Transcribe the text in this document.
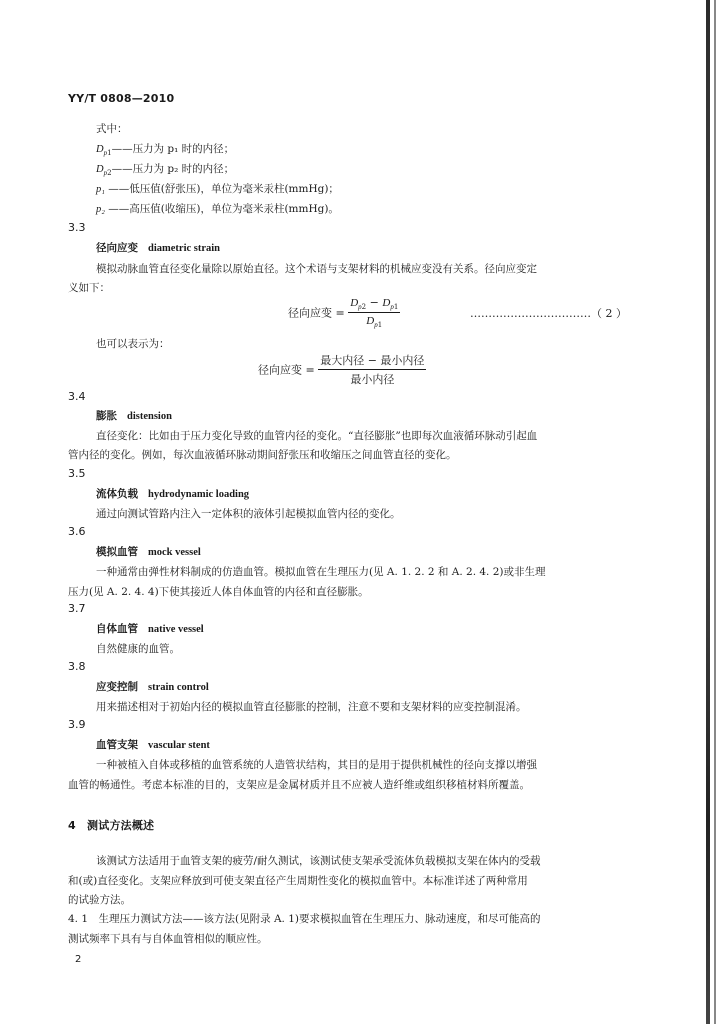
YY/T 0808—2010
式中：
$D_{p1}——$压力为 p₁ 时的内径；
$D_{p2}——$压力为 p₂ 时的内径；
p₁ ——低压值(舒张压)，单位为毫米汞柱(mmHg)；
p₂ ——高压值(收缩压)，单位为毫米汞柱(mmHg)。
3.3
径向应变 diametric strain
模拟动脉血管直径变化量除以原始直径。这个术语与支架材料的机械应变没有关系。径向应变定
义如下：
径向应变 = $\frac{D_{p2} - D_{p1}}{D_{p1}}$	……………………………（ 2 ）
也可以表示为：
径向应变 = $\frac{\text{最大内径 − 最小内径}}{\text{最小内径}}$
3.4
膨胀 distension
直径变化：比如由于压力变化导致的血管内径的变化。“直径膨胀”也即每次血液循环脉动引起血
管内径的变化。例如，每次血液循环脉动期间舒张压和收缩压之间血管直径的变化。
3.5
流体负载 hydrodynamic loading
通过向测试管路内注入一定体积的液体引起模拟血管内径的变化。
3.6
模拟血管 mock vessel
一种通常由弹性材料制成的仿造血管。模拟血管在生理压力(见 A. 1. 2. 2 和 A. 2. 4. 2)或非生理
压力(见 A. 2. 4. 4)下使其接近人体自体血管的内径和直径膨胀。
3.7
自体血管 native vessel
自然健康的血管。
3.8
应变控制 strain control
用来描述相对于初始内径的模拟血管直径膨胀的控制，注意不要和支架材料的应变控制混淆。
3.9
血管支架 vascular stent
一种被植入自体或移植的血管系统的人造管状结构，其目的是用于提供机械性的径向支撑以增强
血管的畅通性。考虑本标准的目的，支架应是金属材质并且不应被人造纤维或组织移植材料所覆盖。
4　测试方法概述
该测试方法适用于血管支架的疲劳/耐久测试，该测试使支架承受流体负载模拟支架在体内的受载
和(或)直径变化。支架应释放到可使支架直径产生周期性变化的模拟血管中。本标准详述了两种常用
的试验方法。
4. 1　生理压力测试方法——该方法(见附录 A. 1)要求模拟血管在生理压力、脉动速度，和尽可能高的
测试频率下具有与自体血管相似的顺应性。
2
